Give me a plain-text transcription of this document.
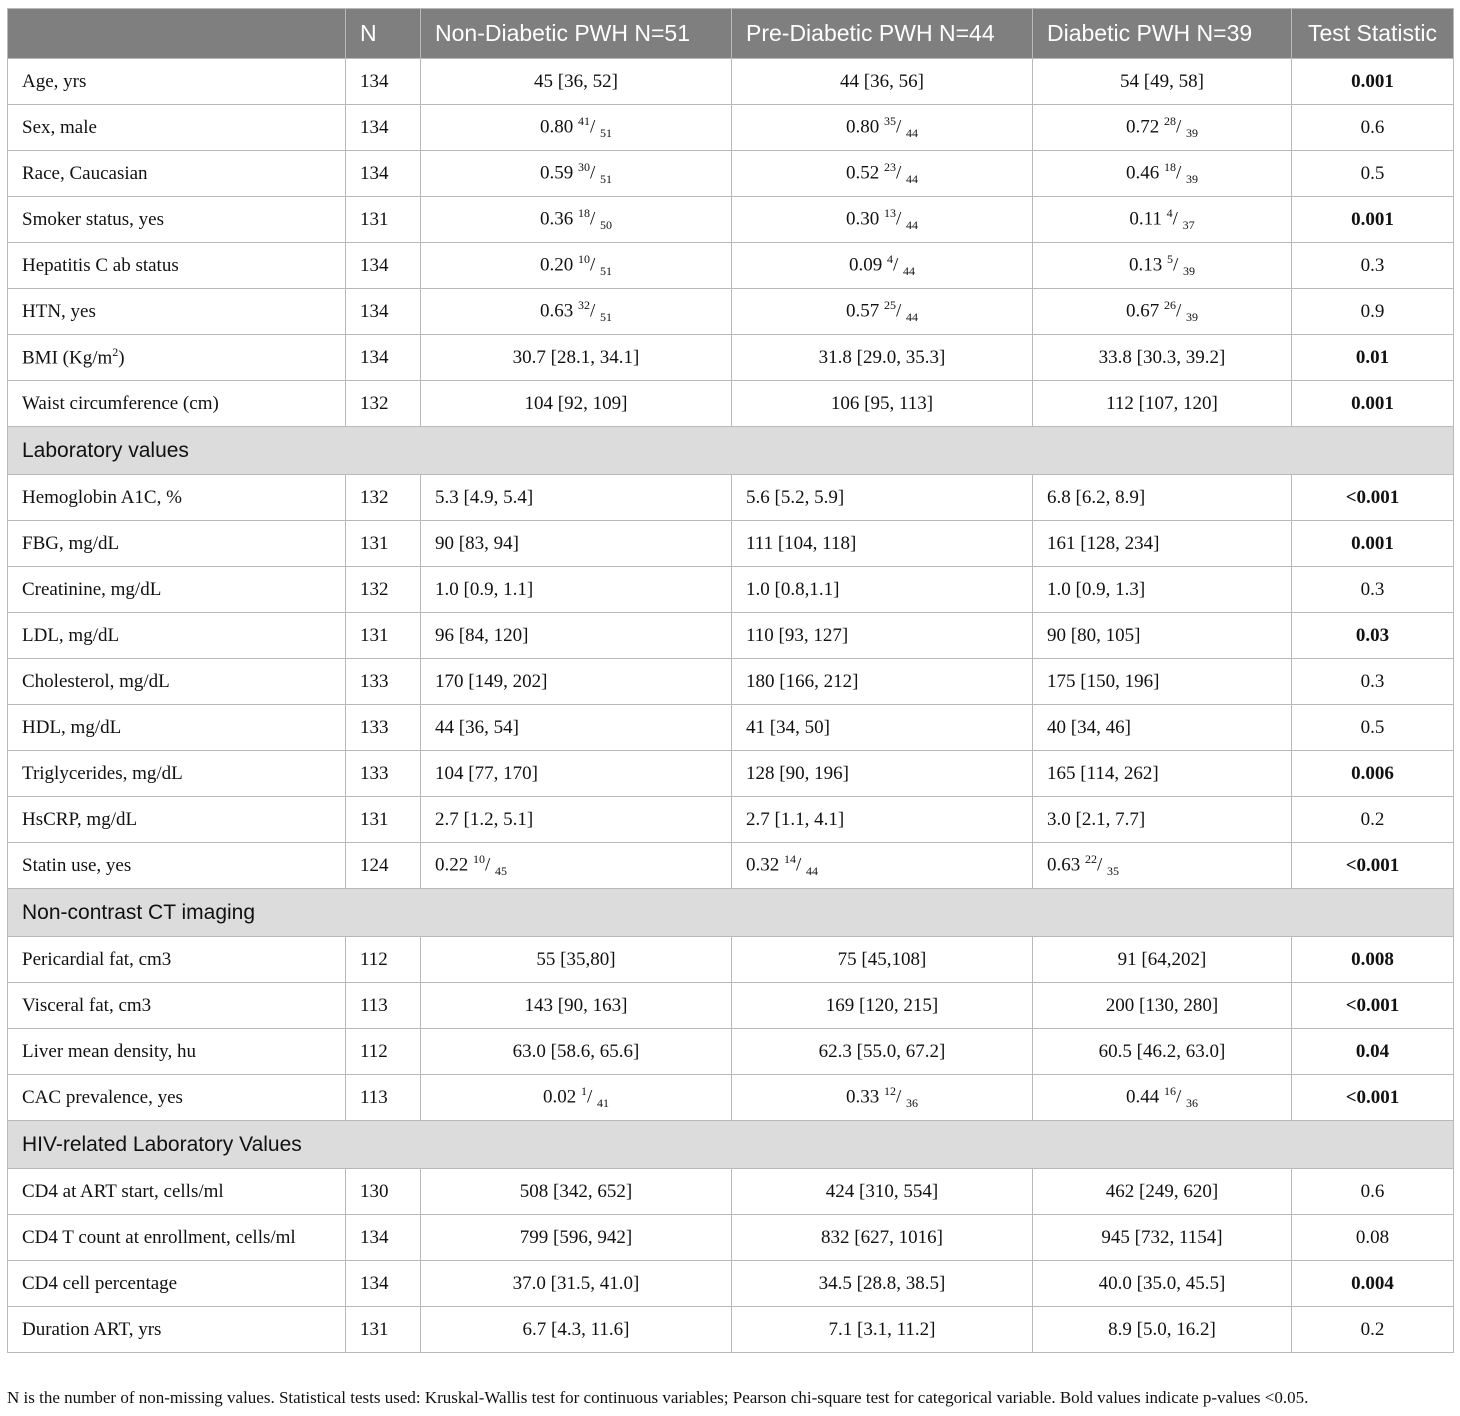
	N	Non-Diabetic PWH N=51	Pre-Diabetic PWH N=44	Diabetic PWH N=39	Test Statistic
Age, yrs	134	45 [36, 52]	44 [36, 56]	54 [49, 58]	0.001
Sex, male	134	0.80 $^{41}$/ $_{51}$	0.80 $^{35}$/ $_{44}$	0.72 $^{28}$/ $_{39}$	0.6
Race, Caucasian	134	0.59 $^{30}$/ $_{51}$	0.52 $^{23}$/ $_{44}$	0.46 $^{18}$/ $_{39}$	0.5
Smoker status, yes	131	0.36 $^{18}$/ $_{50}$	0.30 $^{13}$/ $_{44}$	0.11 $^4$/ $_{37}$	0.001
Hepatitis C ab status	134	0.20 $^{10}$/ $_{51}$	0.09 $^4$/ $_{44}$	0.13 $^5$/ $_{39}$	0.3
HTN, yes	134	0.63 $^{32}$/ $_{51}$	0.57 $^{25}$/ $_{44}$	0.67 $^{26}$/ $_{39}$	0.9
BMI $(Kg/m^2)$	134	30.7 [28.1, 34.1]	31.8 [29.0, 35.3]	33.8 [30.3, 39.2]	0.01
Waist circumference (cm)	132	104 [92, 109]	106 [95, 113]	112 [107, 120]	0.001
Laboratory values					
Hemoglobin A1C, %	132	5.3 [4.9, 5.4]	5.6 [5.2, 5.9]	6.8 [6.2, 8.9]	<0.001
FBG, mg/dL	131	90 [83, 94]	111 [104, 118]	161 [128, 234]	0.001
Creatinine, mg/dL	132	1.0 [0.9, 1.1]	1.0 [0.8,1.1]	1.0 [0.9, 1.3]	0.3
LDL, mg/dL	131	96 [84, 120]	110 [93, 127]	90 [80, 105]	0.03
Cholesterol, mg/dL	133	170 [149, 202]	180 [166, 212]	175 [150, 196]	0.3
HDL, mg/dL	133	44 [36, 54]	41 [34, 50]	40 [34, 46]	0.5
Triglycerides, mg/dL	133	104 [77, 170]	128 [90, 196]	165 [114, 262]	0.006
HsCRP, mg/dL	131	2.7 [1.2, 5.1]	2.7 [1.1, 4.1]	3.0 [2.1, 7.7]	0.2
Statin use, yes	124	0.22 $^{10}$/ $_{45}$	0.32 $^{14}$/ $_{44}$	0.63 $^{22}$/ $_{35}$	<0.001
Non-contrast CT imaging					
Pericardial fat, cm3	112	55 [35,80]	75 [45,108]	91 [64,202]	0.008
Visceral fat, cm3	113	143 [90, 163]	169 [120, 215]	200 [130, 280]	<0.001
Liver mean density, hu	112	63.0 [58.6, 65.6]	62.3 [55.0, 67.2]	60.5 [46.2, 63.0]	0.04
CAC prevalence, yes	113	0.02 $^1$/ $_{41}$	0.33 $^{12}$/ $_{36}$	0.44 $^{16}$/ $_{36}$	<0.001
HIV-related Laboratory Values					
CD4 at ART start, cells/ml	130	508 [342, 652]	424 [310, 554]	462 [249, 620]	0.6
CD4 T count at enrollment, cells/ml	134	799 [596, 942]	832 [627, 1016]	945 [732, 1154]	0.08
CD4 cell percentage	134	37.0 [31.5, 41.0]	34.5 [28.8, 38.5]	40.0 [35.0, 45.5]	0.004
Duration ART, yrs	131	6.7 [4.3, 11.6]	7.1 [3.1, 11.2]	8.9 [5.0, 16.2]	0.2
N is the number of non-missing values. Statistical tests used: Kruskal-Wallis test for continuous variables; Pearson chi-square test for categorical variable. Bold values indicate p-values <0.05.
